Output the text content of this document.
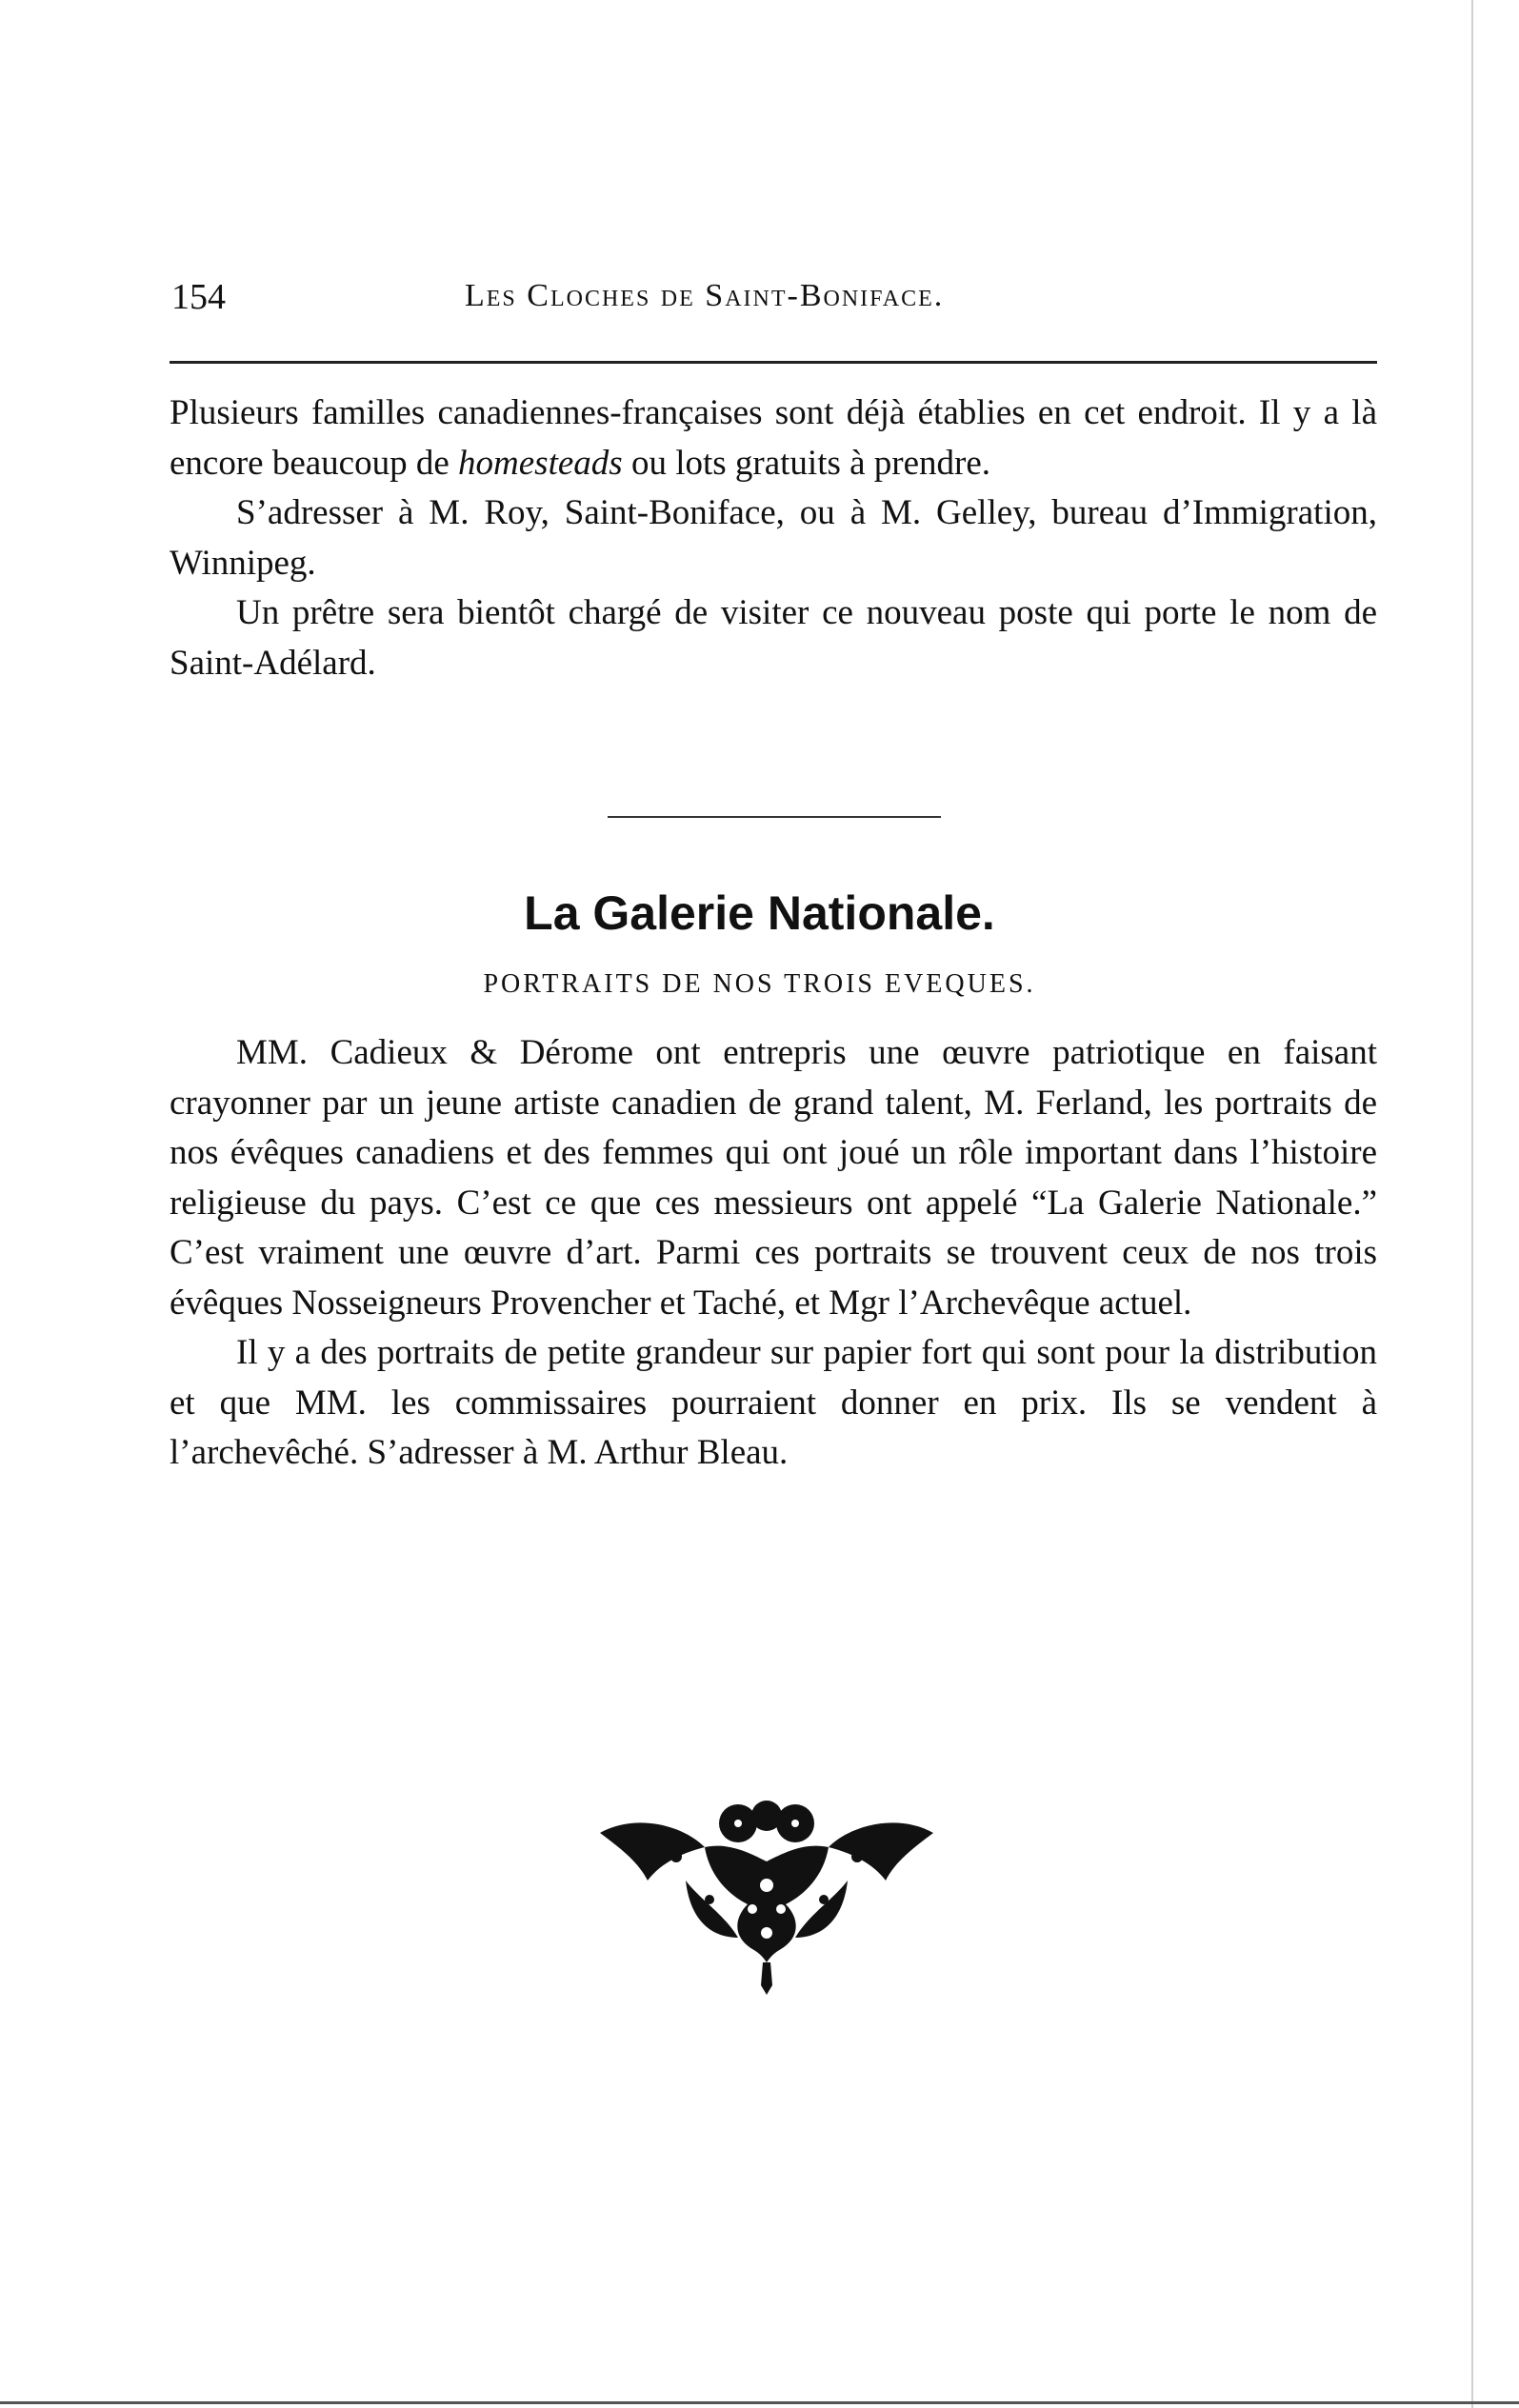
154	Les Cloches de Saint-Boniface.

Plusieurs familles canadiennes-françaises sont déjà établies en cet endroit. Il y a là encore beaucoup de homesteads ou lots gratuits à prendre.

S’adresser à M. Roy, Saint-Boniface, ou à M. Gelley, bureau d’Immigration, Winnipeg.

Un prêtre sera bientôt chargé de visiter ce nouveau poste qui porte le nom de Saint-Adélard.

La Galerie Nationale.
PORTRAITS DE NOS TROIS EVEQUES.

MM. Cadieux & Dérome ont entrepris une œuvre patriotique en faisant crayonner par un jeune artiste canadien de grand talent, M. Ferland, les portraits de nos évêques canadiens et des femmes qui ont joué un rôle important dans l’histoire religieuse du pays. C’est ce que ces messieurs ont appelé “La Galerie Nationale.” C’est vraiment une œuvre d’art. Parmi ces portraits se trouvent ceux de nos trois évêques Nosseigneurs Provencher et Taché, et Mgr l’Archevêque actuel.

Il y a des portraits de petite grandeur sur papier fort qui sont pour la distribution et que MM. les commissaires pourraient donner en prix. Ils se vendent à l’archevêché. S’adresser à M. Arthur Bleau.
